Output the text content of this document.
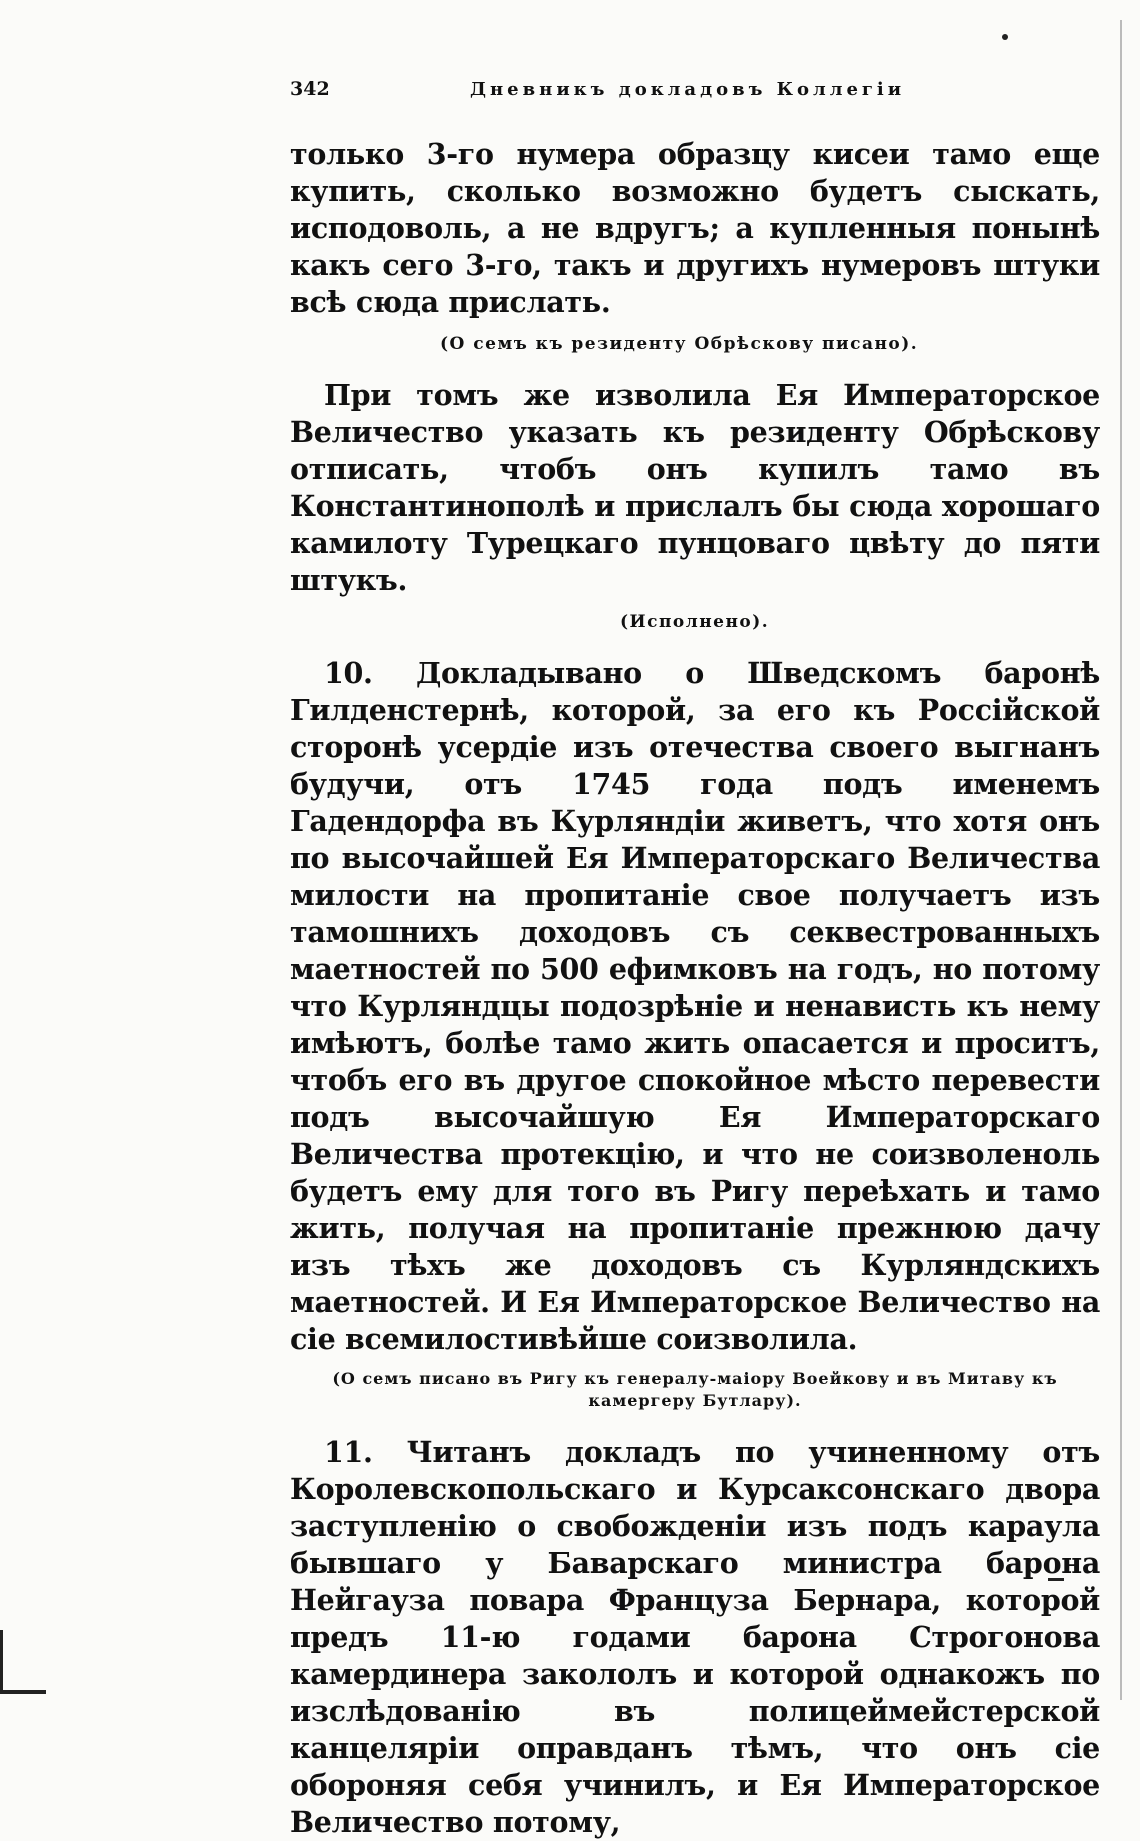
342	Дневникъ докладовъ Коллегіи

только 3-го нумера образцу кисеи тамо еще купить, сколько возможно будетъ сыскать, исподоволь, а не вдругъ; а купленныя понынѣ какъ сего 3-го, такъ и другихъ нумеровъ штуки всѣ сюда прислать.

(О семъ къ резиденту Обрѣскову писано).

При томъ же изволила Ея Императорское Величество указать къ резиденту Обрѣскову отписать, чтобъ онъ купилъ тамо въ Константинополѣ и прислалъ бы сюда хорошаго камилоту Турецкаго пунцоваго цвѣту до пяти штукъ.

(Исполнено).

10. Докладывано о Шведскомъ баронѣ Гилденстернѣ, которой, за его къ Россійской сторонѣ усердіе изъ отечества своего выгнанъ будучи, отъ 1745 года подъ именемъ Гадендорфа въ Курляндіи живетъ, что хотя онъ по высочайшей Ея Императорскаго Величества милости на пропитаніе свое получаетъ изъ тамошнихъ доходовъ съ секвестрованныхъ маетностей по 500 ефимковъ на годъ, но потому что Курляндцы подозрѣніе и ненависть къ нему имѣютъ, болѣе тамо жить опасается и проситъ, чтобъ его въ другое спокойное мѣсто перевести подъ высочайшую Ея Императорскаго Величества протекцію, и что не соизволеноль будетъ ему для того въ Ригу переѣхать и тамо жить, получая на пропитаніе прежнюю дачу изъ тѣхъ же доходовъ съ Курляндскихъ маетностей. И Ея Императорское Величество на сіе всемилостивѣйше соизволила.

(О семъ писано въ Ригу къ генералу-маіору Воейкову и въ Митаву къ камергеру Бутлару).

11. Читанъ докладъ по учиненному отъ Королевскопольскаго и Курсаксонскаго двора заступленію о свобожденіи изъ подъ караула бывшаго у Баварскаго министра барона Нейгауза повара Француза Бернара, которой предъ 11-ю годами барона Строгонова камердинера закололъ и которой однакожъ по изслѣдованію въ полицеймейстерской канцеляріи оправданъ тѣмъ, что онъ сіе обороняя себя учинилъ, и Ея Императорское Величество потому,
